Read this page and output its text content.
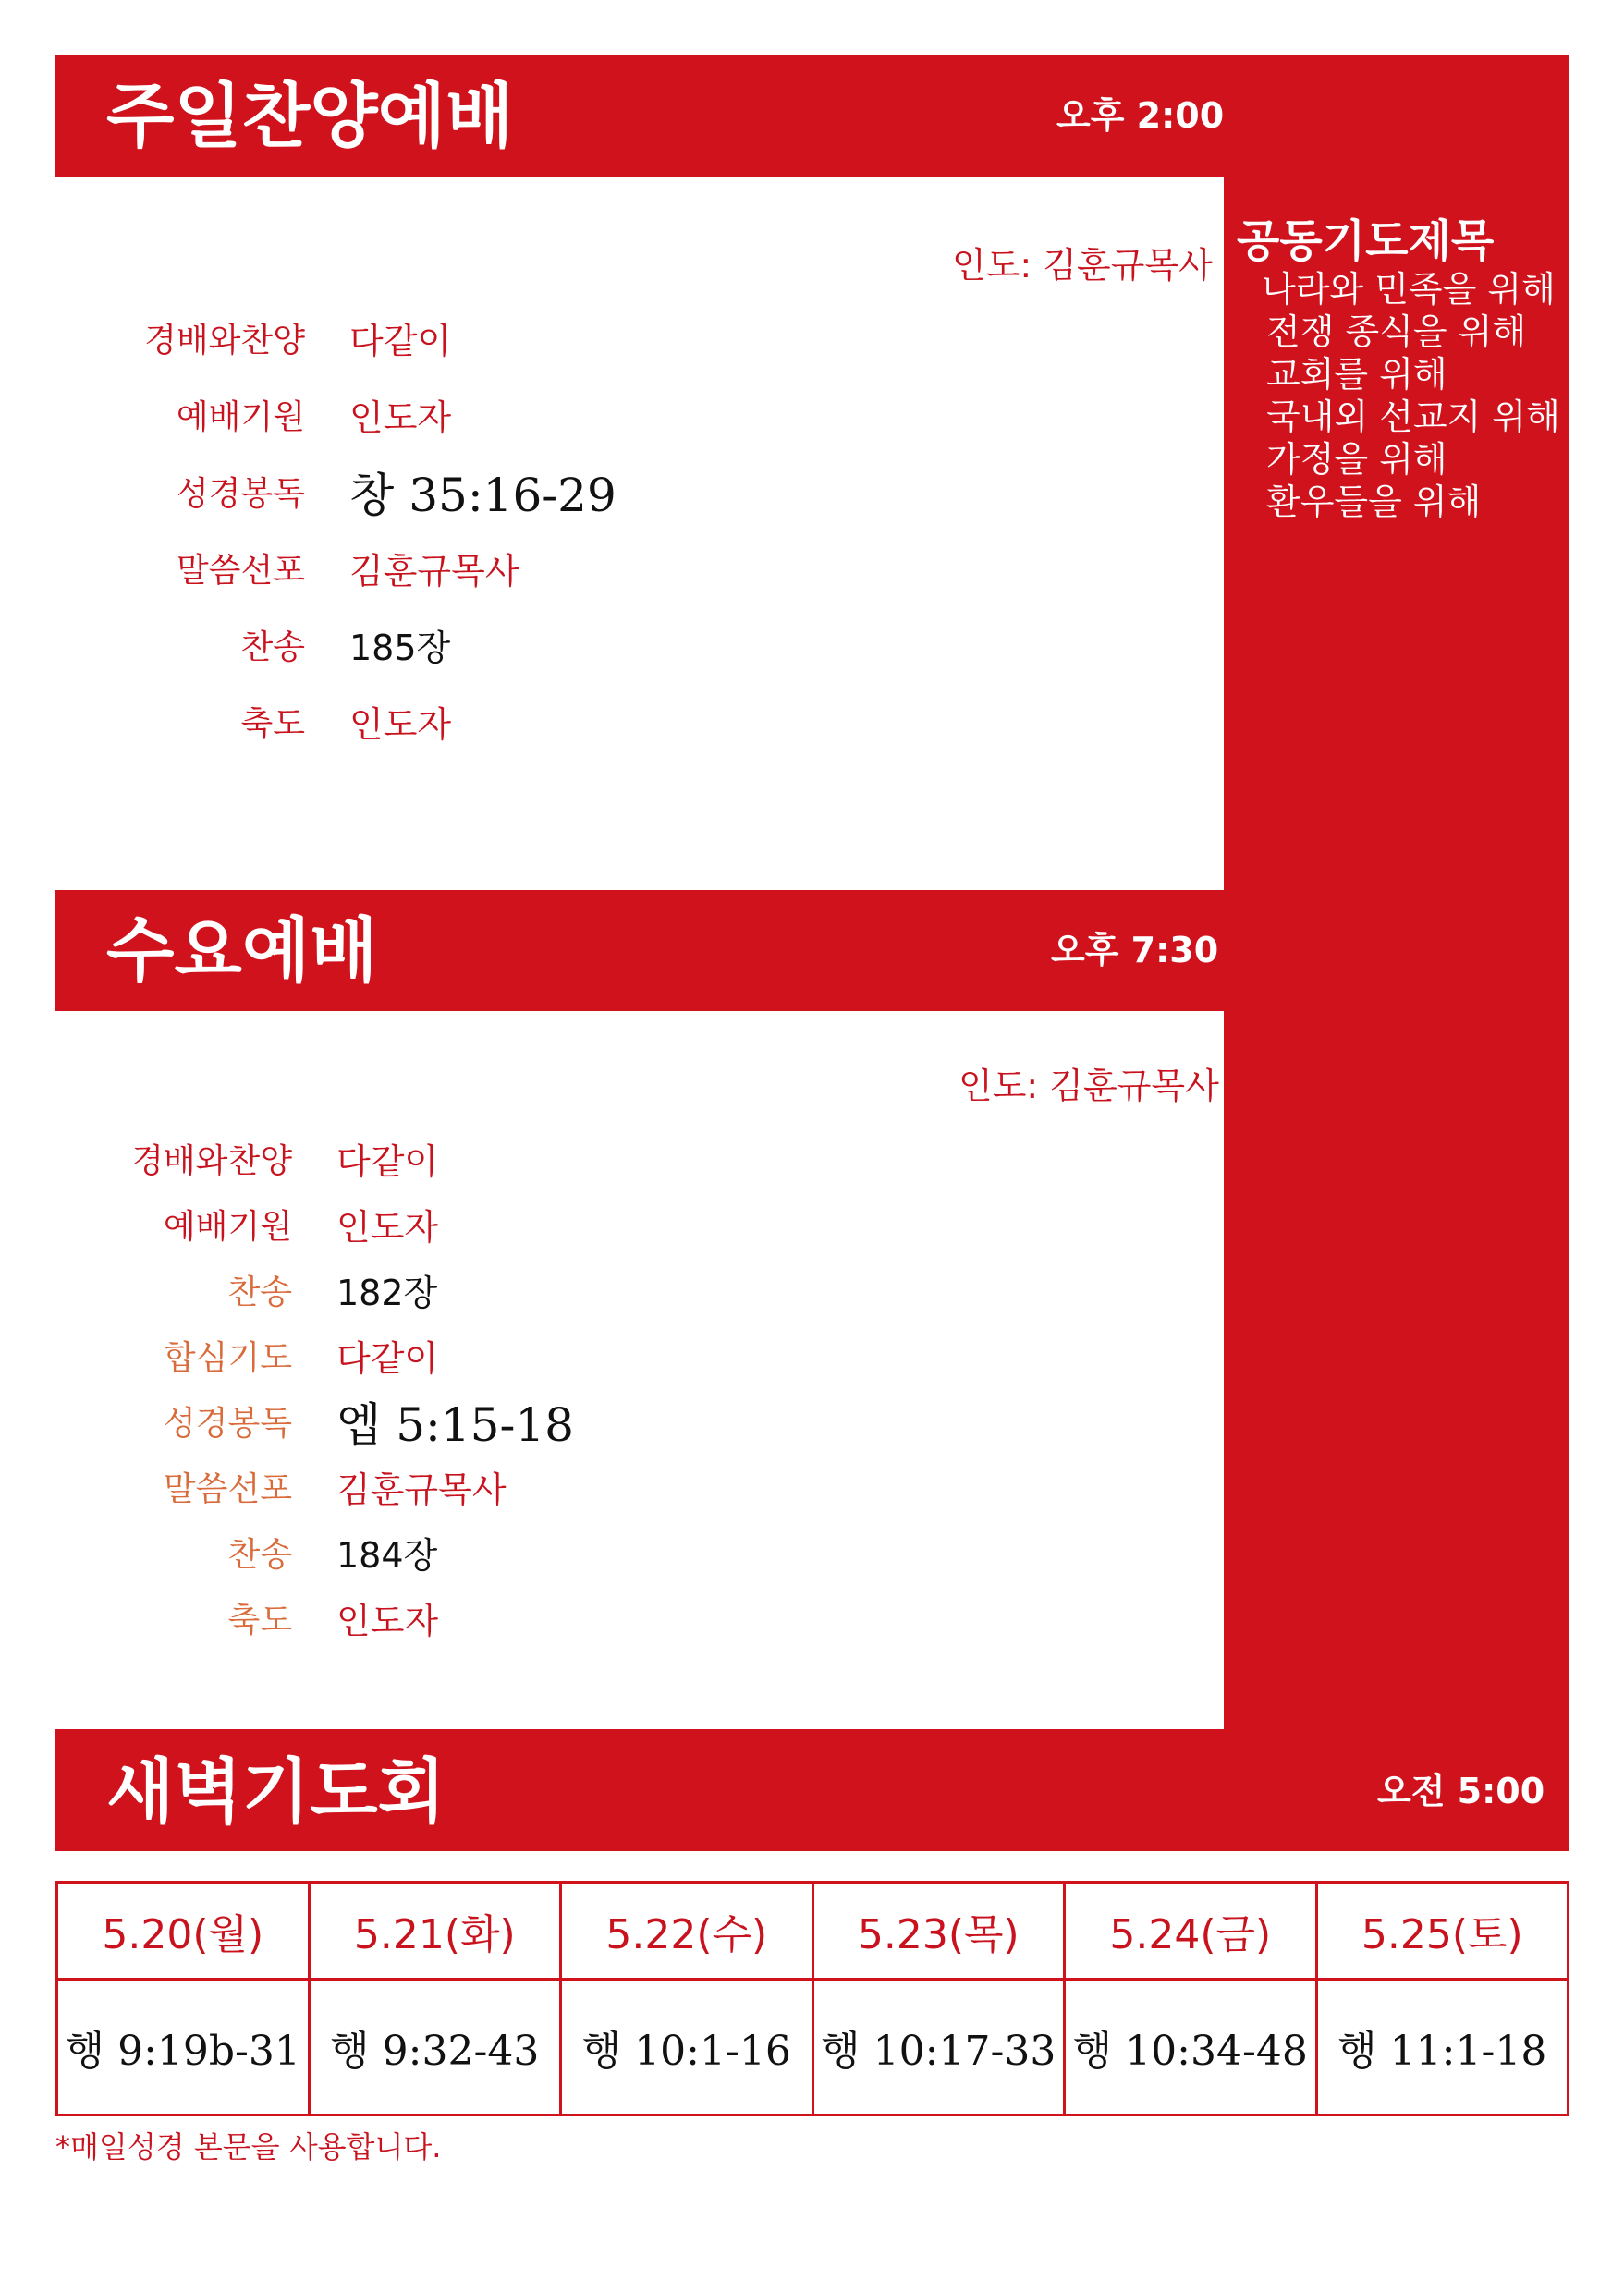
주일찬양예배	오후 2:00
수요예배	오후 7:30
새벽기도회	오전 5:00
공동기도제목
나라와 민족을 위해
전쟁 종식을 위해
교회를 위해
국내외 선교지 위해
가정을 위해
환우들을 위해
인도: 김훈규목사
경배와찬양 다같이
예배기원 인도자
성경봉독 창 35:16-29
말씀선포 김훈규목사
찬송 185장
축도 인도자
인도: 김훈규목사
경배와찬양 다같이
예배기원 인도자
찬송 182장
합심기도 다같이
성경봉독 엡 5:15-18
말씀선포 김훈규목사
찬송 184장
축도 인도자
5.20(월)	5.21(화)	5.22(수)	5.23(목)	5.24(금)	5.25(토)
행 9:19b-31	행 9:32-43	행 10:1-16	행 10:17-33	행 10:34-48	행 11:1-18
*매일성경 본문을 사용합니다.
